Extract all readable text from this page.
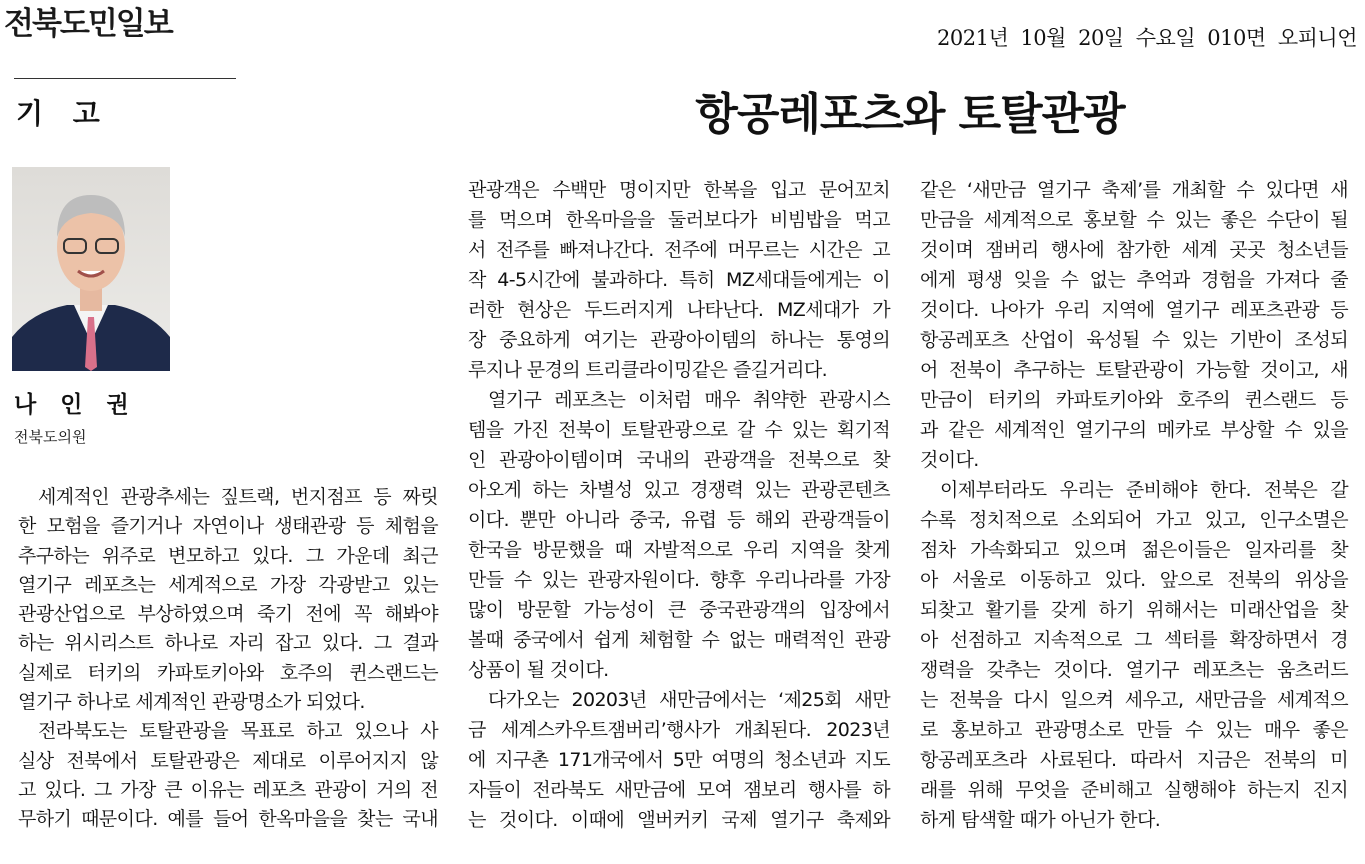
전북도민일보	2021년 10월 20일 수요일 010면 오피니언
기 고	항공레포츠와 토탈관광
나 인 권
전북도의원
세계적인 관광추세는 짚트랙, 번지점프 등 짜릿
한 모험을 즐기거나 자연이나 생태관광 등 체험을
추구하는 위주로 변모하고 있다. 그 가운데 최근
열기구 레포츠는 세계적으로 가장 각광받고 있는
관광산업으로 부상하였으며 죽기 전에 꼭 해봐야
하는 위시리스트 하나로 자리 잡고 있다. 그 결과
실제로 터키의 카파토키아와 호주의 퀸스랜드는
열기구 하나로 세계적인 관광명소가 되었다.
전라북도는 토탈관광을 목표로 하고 있으나 사
실상 전북에서 토탈관광은 제대로 이루어지지 않
고 있다. 그 가장 큰 이유는 레포츠 관광이 거의 전
무하기 때문이다. 예를 들어 한옥마을을 찾는 국내
관광객은 수백만 명이지만 한복을 입고 문어꼬치
를 먹으며 한옥마을을 둘러보다가 비빔밥을 먹고
서 전주를 빠져나간다. 전주에 머무르는 시간은 고
작 4-5시간에 불과하다. 특히 MZ세대들에게는 이
러한 현상은 두드러지게 나타난다. MZ세대가 가
장 중요하게 여기는 관광아이템의 하나는 통영의
루지나 문경의 트리클라이밍같은 즐길거리다.
열기구 레포츠는 이처럼 매우 취약한 관광시스
템을 가진 전북이 토탈관광으로 갈 수 있는 획기적
인 관광아이템이며 국내의 관광객을 전북으로 찾
아오게 하는 차별성 있고 경쟁력 있는 관광콘텐츠
이다. 뿐만 아니라 중국, 유렵 등 해외 관광객들이
한국을 방문했을 때 자발적으로 우리 지역을 찾게
만들 수 있는 관광자원이다. 향후 우리나라를 가장
많이 방문할 가능성이 큰 중국관광객의 입장에서
볼때 중국에서 쉽게 체험할 수 없는 매력적인 관광
상품이 될 것이다.
다가오는 20203년 새만금에서는 ‘제25회 새만
금 세계스카우트잼버리’행사가 개최된다. 2023년
에 지구촌 171개국에서 5만 여명의 청소년과 지도
자들이 전라북도 새만금에 모여 잼보리 행사를 하
는 것이다. 이때에 앨버커키 국제 열기구 축제와
같은 ‘새만금 열기구 축제’를 개최할 수 있다면 새
만금을 세계적으로 홍보할 수 있는 좋은 수단이 될
것이며 잼버리 행사에 참가한 세계 곳곳 청소년들
에게 평생 잊을 수 없는 추억과 경험을 가져다 줄
것이다. 나아가 우리 지역에 열기구 레포츠관광 등
항공레포츠 산업이 육성될 수 있는 기반이 조성되
어 전북이 추구하는 토탈관광이 가능할 것이고, 새
만금이 터키의 카파토키아와 호주의 퀸스랜드 등
과 같은 세계적인 열기구의 메카로 부상할 수 있을
것이다.
이제부터라도 우리는 준비해야 한다. 전북은 갈
수록 정치적으로 소외되어 가고 있고, 인구소멸은
점차 가속화되고 있으며 젊은이들은 일자리를 찾
아 서울로 이동하고 있다. 앞으로 전북의 위상을
되찾고 활기를 갖게 하기 위해서는 미래산업을 찾
아 선점하고 지속적으로 그 섹터를 확장하면서 경
쟁력을 갖추는 것이다. 열기구 레포츠는 움츠러드
는 전북을 다시 일으켜 세우고, 새만금을 세계적으
로 홍보하고 관광명소로 만들 수 있는 매우 좋은
항공레포츠라 사료된다. 따라서 지금은 전북의 미
래를 위해 무엇을 준비해고 실행해야 하는지 진지
하게 탐색할 때가 아닌가 한다.
